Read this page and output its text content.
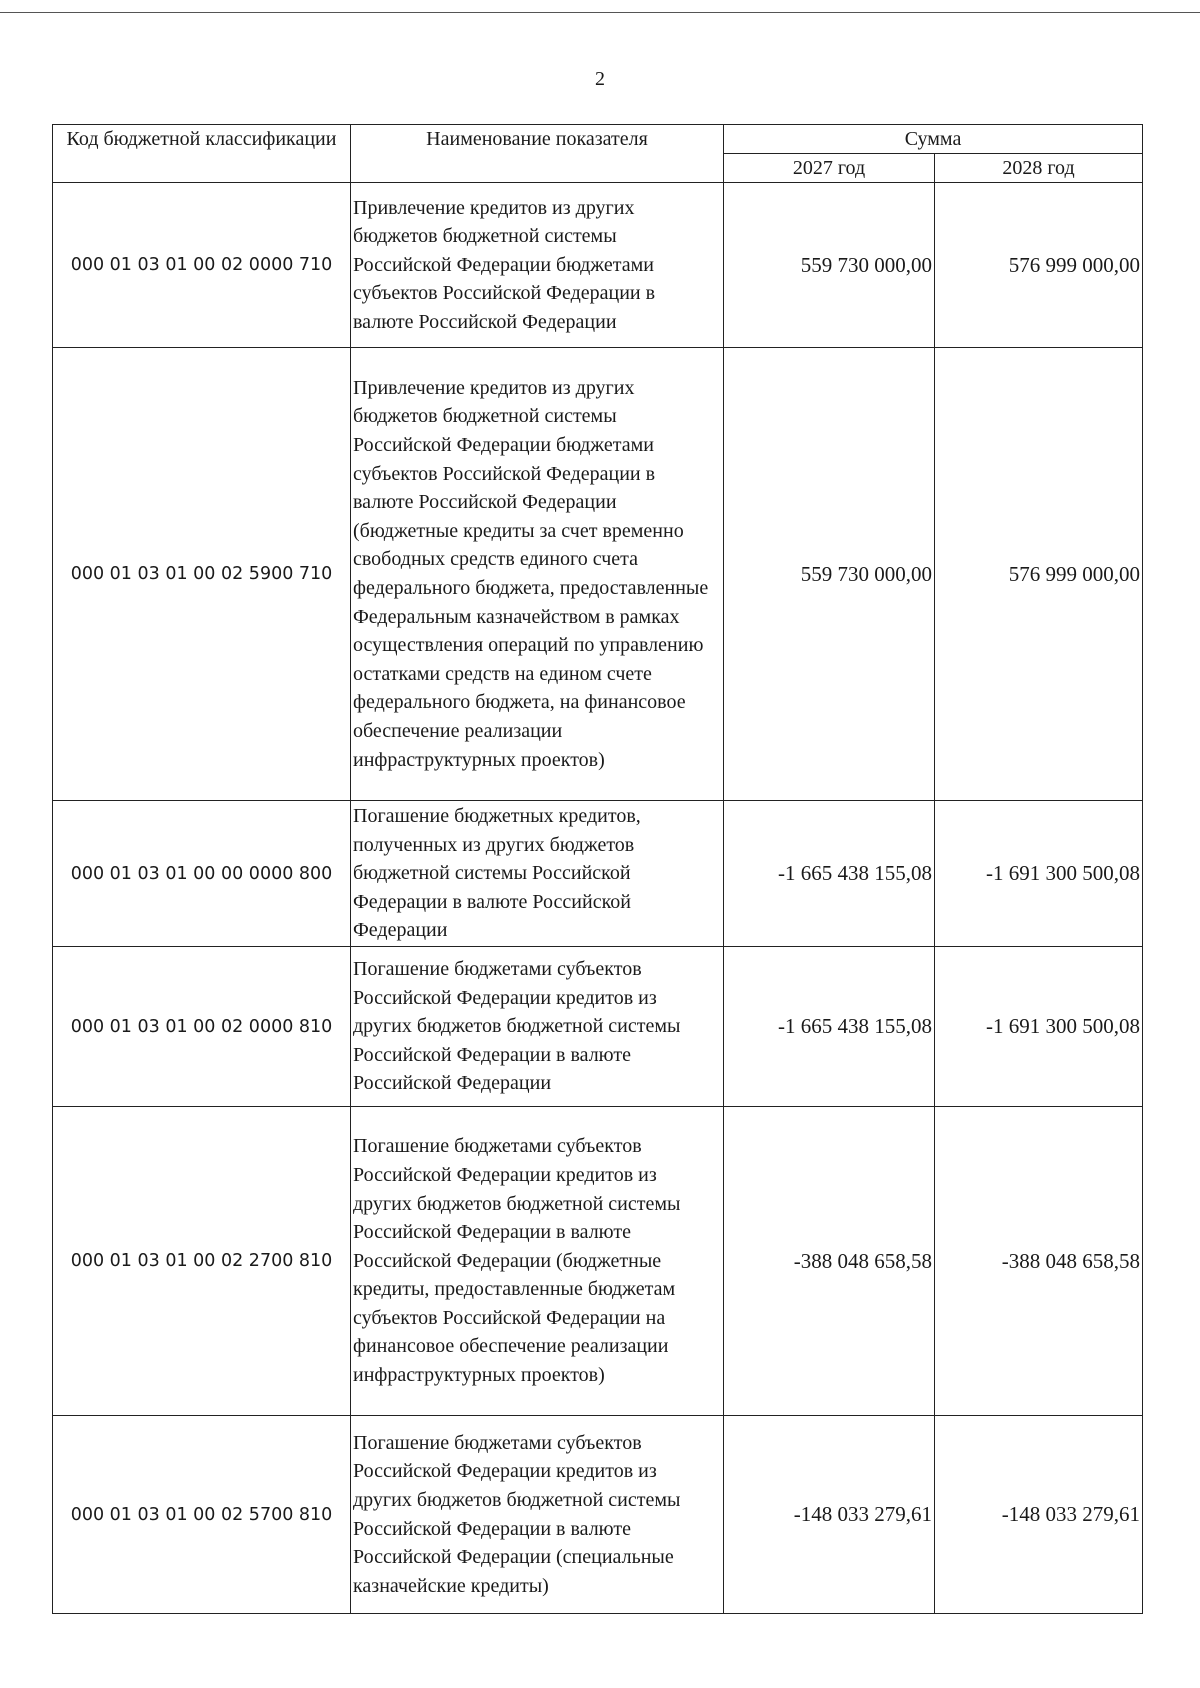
2
Код бюджетной классификации	Наименование показателя	Сумма	
		2027 год	2028 год
000 01 03 01 00 02 0000 710	Привлечение кредитов из других бюджетов бюджетной системы Российской Федерации бюджетами субъектов Российской Федерации в валюте Российской Федерации	559 730 000,00	576 999 000,00
000 01 03 01 00 02 5900 710	Привлечение кредитов из других бюджетов бюджетной системы Российской Федерации бюджетами субъектов Российской Федерации в валюте Российской Федерации (бюджетные кредиты за счет временно свободных средств единого счета федерального бюджета, предоставленные Федеральным казначейством в рамках осуществления операций по управлению остатками средств на едином счете федерального бюджета, на финансовое обеспечение реализации инфраструктурных проектов)	559 730 000,00	576 999 000,00
000 01 03 01 00 00 0000 800	Погашение бюджетных кредитов, полученных из других бюджетов бюджетной системы Российской Федерации в валюте Российской Федерации	-1 665 438 155,08	-1 691 300 500,08
000 01 03 01 00 02 0000 810	Погашение бюджетами субъектов Российской Федерации кредитов из других бюджетов бюджетной системы Российской Федерации в валюте Российской Федерации	-1 665 438 155,08	-1 691 300 500,08
000 01 03 01 00 02 2700 810	Погашение бюджетами субъектов Российской Федерации кредитов из других бюджетов бюджетной системы Российской Федерации в валюте Российской Федерации (бюджетные кредиты, предоставленные бюджетам субъектов Российской Федерации на финансовое обеспечение реализации инфраструктурных проектов)	-388 048 658,58	-388 048 658,58
000 01 03 01 00 02 5700 810	Погашение бюджетами субъектов Российской Федерации кредитов из других бюджетов бюджетной системы Российской Федерации в валюте Российской Федерации (специальные казначейские кредиты)	-148 033 279,61	-148 033 279,61
